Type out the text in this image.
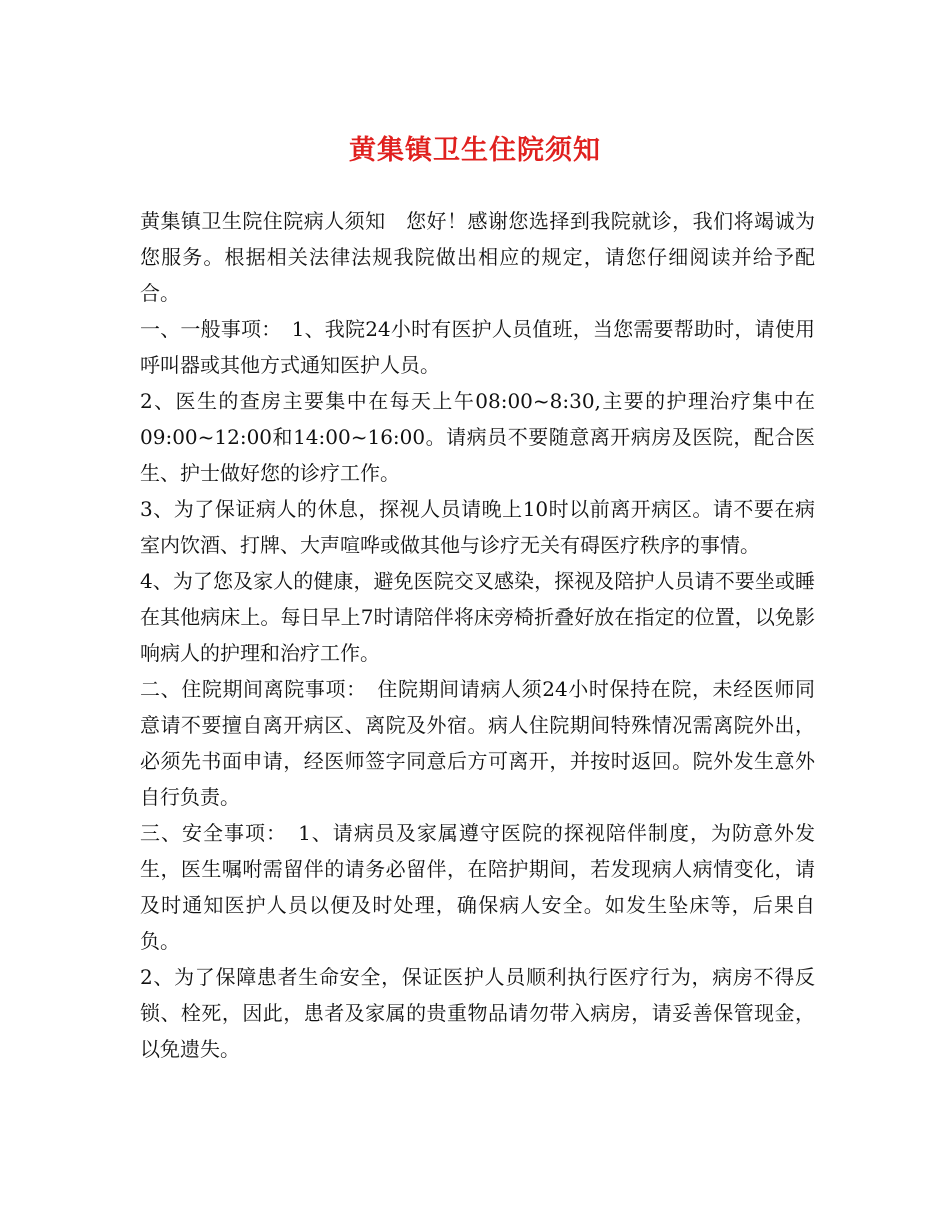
黄集镇卫生住院须知

黄集镇卫生院住院病人须知　您好！感谢您选择到我院就诊，我们将竭诚为您服务。根据相关法律法规我院做出相应的规定，请您仔细阅读并给予配合。

一、一般事项：　1、我院24小时有医护人员值班，当您需要帮助时，请使用呼叫器或其他方式通知医护人员。

2、医生的查房主要集中在每天上午08:00~8:30,主要的护理治疗集中在09:00~12:00和14:00~16:00。请病员不要随意离开病房及医院，配合医生、护士做好您的诊疗工作。

3、为了保证病人的休息，探视人员请晚上10时以前离开病区。请不要在病室内饮酒、打牌、大声喧哗或做其他与诊疗无关有碍医疗秩序的事情。

4、为了您及家人的健康，避免医院交叉感染，探视及陪护人员请不要坐或睡在其他病床上。每日早上7时请陪伴将床旁椅折叠好放在指定的位置，以免影响病人的护理和治疗工作。

二、住院期间离院事项：　住院期间请病人须24小时保持在院，未经医师同意请不要擅自离开病区、离院及外宿。病人住院期间特殊情况需离院外出，必须先书面申请，经医师签字同意后方可离开，并按时返回。院外发生意外自行负责。

三、安全事项：　1、请病员及家属遵守医院的探视陪伴制度，为防意外发生，医生嘱咐需留伴的请务必留伴，在陪护期间，若发现病人病情变化，请及时通知医护人员以便及时处理，确保病人安全。如发生坠床等，后果自负。

2、为了保障患者生命安全，保证医护人员顺利执行医疗行为，病房不得反锁、栓死，因此，患者及家属的贵重物品请勿带入病房，请妥善保管现金，以免遗失。
